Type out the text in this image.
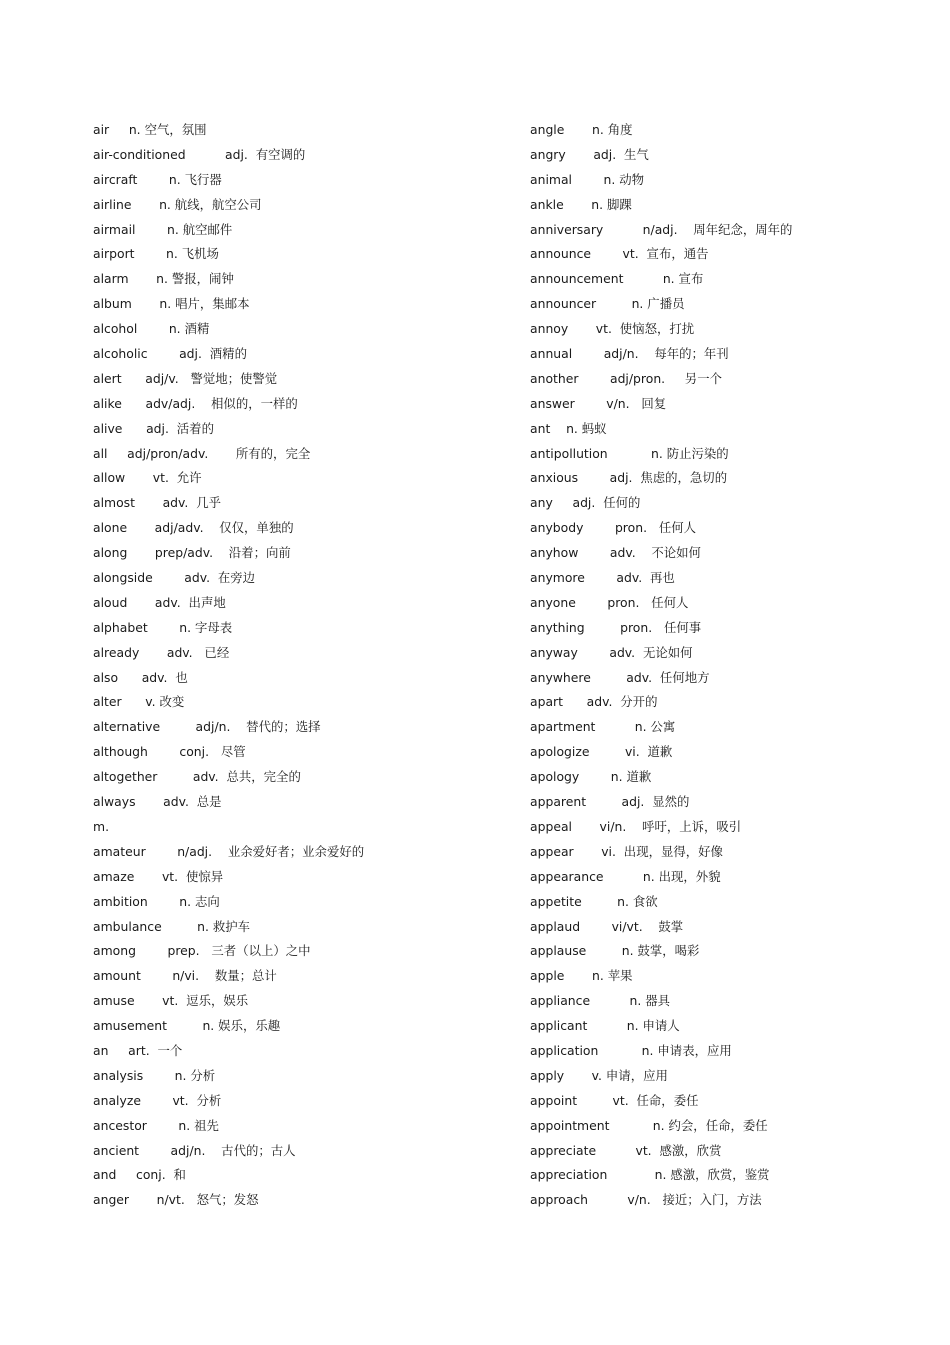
air     n. 空气，氛围
air-conditioned          adj.  有空调的
aircraft        n. 飞行器
airline       n. 航线，航空公司
airmail        n. 航空邮件
airport        n. 飞机场
alarm       n. 警报，闹钟
album       n. 唱片，集邮本
alcohol        n. 酒精
alcoholic        adj.  酒精的
alert      adj/v.   警觉地；使警觉
alike      adv/adj.    相似的，一样的
alive      adj.  活着的
all     adj/pron/adv.       所有的，完全
allow       vt.  允许
almost       adv.  几乎
alone       adj/adv.    仅仅，单独的
along       prep/adv.    沿着；向前
alongside        adv.  在旁边
aloud       adv.  出声地
alphabet        n. 字母表
already       adv.   已经
also      adv.  也
alter      v. 改变
alternative         adj/n.    替代的；选择
although        conj.   尽管
altogether         adv.  总共，完全的
always       adv.  总是
m.
amateur        n/adj.    业余爱好者；业余爱好的
amaze       vt.  使惊异
ambition        n. 志向
ambulance         n. 救护车
among        prep.   三者（以上）之中
amount        n/vi.    数量；总计
amuse       vt.  逗乐，娱乐
amusement         n. 娱乐，乐趣
an     art.  一个
analysis        n. 分析
analyze        vt.  分析
ancestor        n. 祖先
ancient        adj/n.    古代的；古人
and     conj.  和
anger       n/vt.   怒气；发怒
angle       n. 角度
angry       adj.  生气
animal        n. 动物
ankle       n. 脚踝
anniversary          n/adj.    周年纪念，周年的
announce        vt.  宣布，通告
announcement          n. 宣布
announcer         n. 广播员
annoy       vt.  使恼怒，打扰
annual        adj/n.    每年的；年刊
another        adj/pron.     另一个
answer        v/n.   回复
ant    n. 蚂蚁
antipollution           n. 防止污染的
anxious        adj.  焦虑的，急切的
any     adj.  任何的
anybody        pron.   任何人
anyhow        adv.    不论如何
anymore        adv.  再也
anyone        pron.   任何人
anything         pron.   任何事
anyway        adv.  无论如何
anywhere         adv.  任何地方
apart      adv.  分开的
apartment          n. 公寓
apologize         vi.  道歉
apology        n. 道歉
apparent         adj.  显然的
appeal       vi/n.    呼吁，上诉，吸引
appear       vi.  出现，显得，好像
appearance          n. 出现，外貌
appetite         n. 食欲
applaud        vi/vt.    鼓掌
applause         n. 鼓掌，喝彩
apple       n. 苹果
appliance          n. 器具
applicant          n. 申请人
application           n. 申请表，应用
apply       v. 申请，应用
appoint         vt.  任命，委任
appointment           n. 约会，任命，委任
appreciate          vt.  感激，欣赏
appreciation            n. 感激，欣赏，鉴赏
approach          v/n.   接近；入门，方法
